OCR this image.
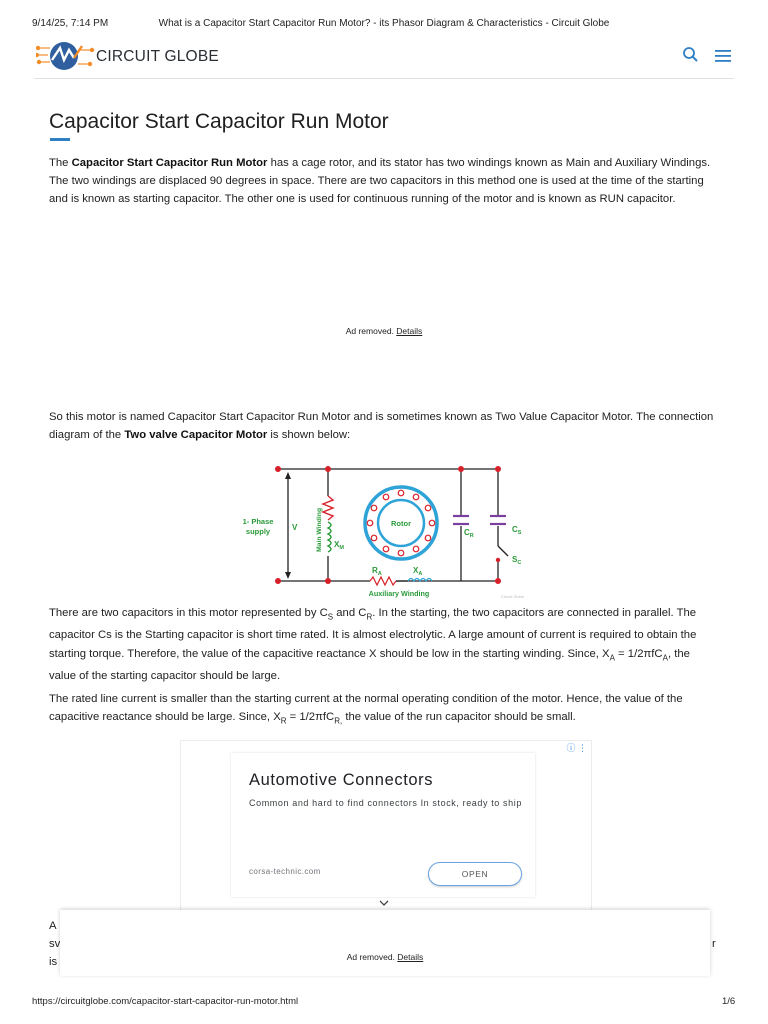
9/14/25, 7:14 PM	What is a Capacitor Start Capacitor Run Motor? - its Phasor Diagram & Characteristics - Circuit Globe
CIRCUIT GLOBE
Capacitor Start Capacitor Run Motor

The Capacitor Start Capacitor Run Motor has a cage rotor, and its stator has two windings known as Main and Auxiliary Windings. The two windings are displaced 90 degrees in space. There are two capacitors in this method one is used at the time of the starting and is known as starting capacitor. The other one is used for continuous running of the motor and is known as RUN capacitor.

Ad removed. Details

So this motor is named Capacitor Start Capacitor Run Motor and is sometimes known as Two Value Capacitor Motor. The connection diagram of the Two valve Capacitor Motor is shown below:

1- Phase
supply	V	Main Winding $X_M$
Rotor
$C_R$
$C_S$
$S_C$
$R_A$	$X_A$
Auxiliary Winding	Circuit Globe

There are two capacitors in this motor represented by $C_S$ and $C_R$. In the starting, the two capacitors are connected in parallel. The capacitor Cs is the Starting capacitor is short time rated. It is almost electrolytic. A large amount of current is required to obtain the starting torque. Therefore, the value of the capacitive reactance X should be low in the starting winding. Since, $X_A = 1/2\pi fC_A$, the value of the starting capacitor should be large.

The rated line current is smaller than the starting current at the normal operating condition of the motor. Hence, the value of the capacitive reactance should be large. Since, $X_R = 1/2\pi fC_{R,}$ the value of the run capacitor should be small.

ⓘ ⋮
Automotive Connectors
Common and hard to find connectors In stock, ready to ship
corsa-technic.com	OPEN
A
sv	r
is	Ad removed. Details
https://circuitglobe.com/capacitor-start-capacitor-run-motor.html	1/6
